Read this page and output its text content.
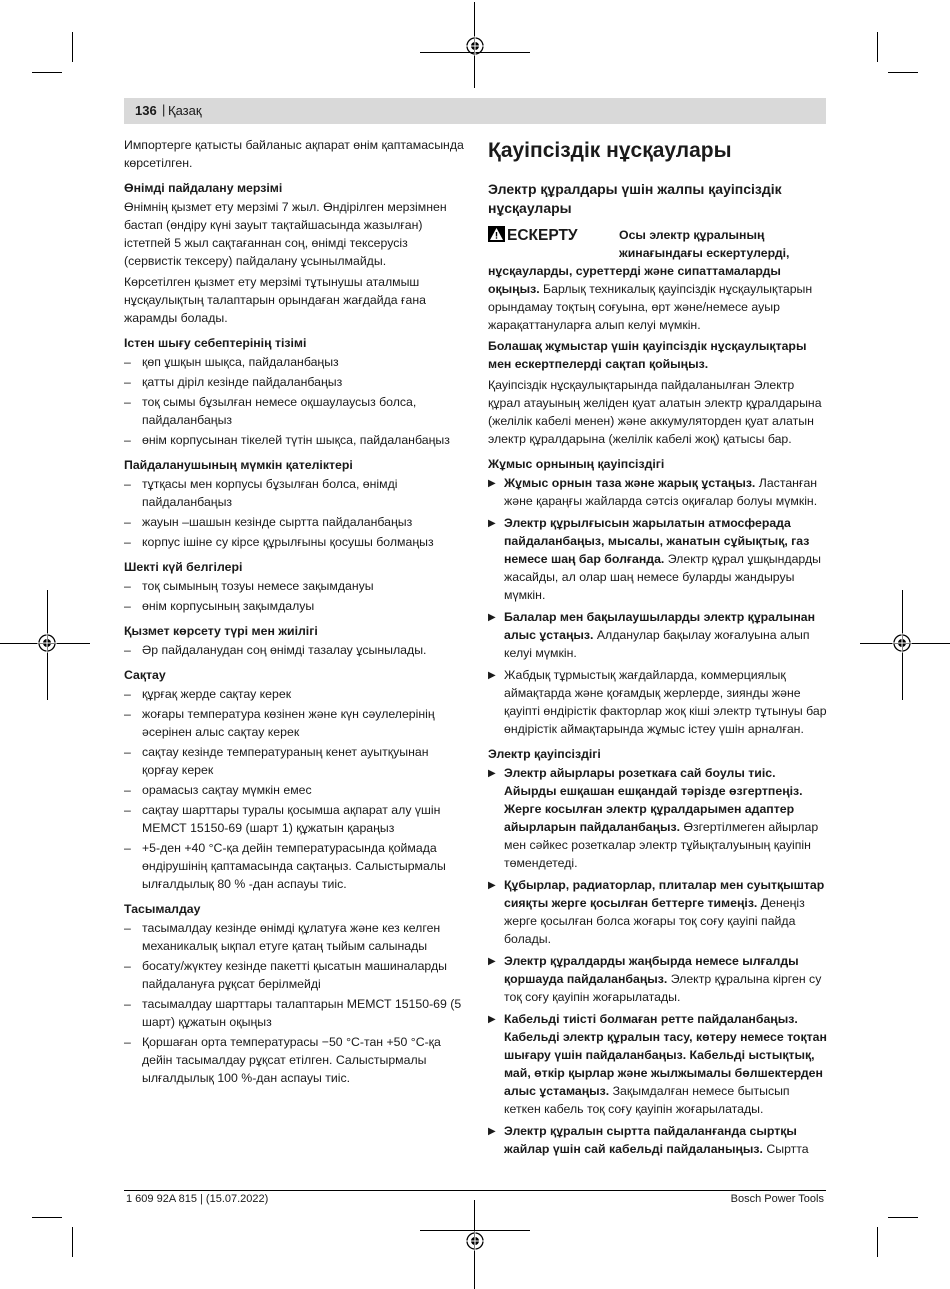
136 | Қазақ

Импортерге қатысты байланыс ақпарат өнім қаптамасында көрсетілген.

Өнімді пайдалану мерзімі

Өнімнің қызмет ету мерзімі 7 жыл. Өндірілген мерзімнен бастап (өндіру күні зауыт тақтайшасында жазылған) істетпей 5 жыл сақтағаннан соң, өнімді тексерусіз (сервистік тексеру) пайдалану ұсынылмайды.

Көрсетілген қызмет ету мерзімі тұтынушы аталмыш нұсқаулықтың талаптарын орындаған жағдайда ғана жарамды болады.

Істен шығу себептерінің тізімі

– қөп ұшқын шықса, пайдаланбаңыз
– қатты діріл кезінде пайдаланбаңыз
– тоқ сымы бұзылған немесе оқшаулаусыз болса, пайдаланбаңыз
– өнім корпусынан тікелей түтін шықса, пайдаланбаңыз

Пайдаланушының мүмкін қателіктері

– тұтқасы мен корпусы бұзылған болса, өнімді пайдаланбаңыз
– жауын –шашын кезінде сыртта пайдаланбаңыз
– корпус ішіне су кірсе құрылғыны қосушы болмаңыз

Шекті күй белгілері

– тоқ сымының тозуы немесе зақымдануы
– өнім корпусының зақымдалуы

Қызмет көрсету түрі мен жиілігі

– Әр пайдаланудан соң өнімді тазалау ұсынылады.

Сақтау

– құрғақ жерде сақтау керек
– жоғары температура көзінен және күн сәулелерінің әсерінен алыс сақтау керек
– сақтау кезінде температураның кенет ауытқуынан қорғау керек
– орамасыз сақтау мүмкін емес
– сақтау шарттары туралы қосымша ақпарат алу үшін МЕМСТ 15150-69 (шарт 1) құжатын қараңыз
– +5-ден +40 °C-қа дейін температурасында қоймада өндірушінің қаптамасында сақтаңыз. Салыстырмалы ылғалдылық 80 % -дан аспауы тиіс.

Тасымалдау

– тасымалдау кезінде өнімді құлатуға және кез келген механикалық ықпал етуге қатаң тыйым салынады
– босату/жүктеу кезінде пакетті қысатын машиналарды пайдалануға рұқсат берілмейді
– тасымалдау шарттары талаптарын МЕМСТ 15150-69 (5 шарт) құжатын оқыңыз
– Қоршаған орта температурасы −50 °C-тан +50 °C-қа дейін тасымалдау рұқсат етілген. Салыстырмалы ылғалдылық 100 %-дан аспауы тиіс.
Қауіпсіздік нұсқаулары
Электр құралдары үшін жалпы қауіпсіздік нұсқаулары
ЕСКЕРТУ	Осы электр құралының жинағындағы ескертулерді,

нұсқауларды, суреттерді және сипаттамаларды оқыңыз. Барлық техникалық қауіпсіздік нұсқаулықтарын орындамау тоқтың соғуына, өрт және/немесе ауыр жарақаттануларға алып келуі мүмкін.

Болашақ жұмыстар үшін қауіпсіздік нұсқаулықтары мен ескертпелерді сақтап қойыңыз.

Қауіпсіздік нұсқаулықтарында пайдаланылған Электр құрал атауының желіден қуат алатын электр құралдарына (желілік кабелі менен) және аккумуляторден қуат алатын электр құралдарына (желілік кабелі жоқ) қатысы бар.

Жұмыс орнының қауіпсіздігі

▶ Жұмыс орнын таза және жарық ұстаңыз. Ластанған және қараңғы жайларда сәтсіз оқиғалар болуы мүмкін.
▶ Электр құрылғысын жарылатын атмосферада пайдаланбаңыз, мысалы, жанатын сұйықтық, газ немесе шаң бар болғанда. Электр құрал ұшқындарды жасайды, ал олар шаң немесе буларды жандыруы мүмкін.
▶ Балалар мен бақылаушыларды электр құралынан алыс ұстаңыз. Алданулар бақылау жоғалуына алып келуі мүмкін.
▶ Жабдық тұрмыстық жағдайларда, коммерциялық аймақтарда және қоғамдық жерлерде, зиянды және қауіпті өндірістік факторлар жоқ кіші электр тұтынуы бар өндірістік аймақтарында жұмыс істеу үшін арналған.

Электр қауіпсіздігі

▶ Электр айырлары розеткаға сай боулы тиіс. Айырды ешқашан ешқандай тәрізде өзгертпеңіз. Жерге косылған электр құралдарымен адаптер айырларын пайдаланбаңыз. Өзгертілмеген айырлар мен сәйкес розеткалар электр тұйықталуының қауіпін төмендетеді.
▶ Құбырлар, радиаторлар, плиталар мен суытқыштар сияқты жерге қосылған беттерге тимеңіз. Денеңіз жерге қосылған болса жоғары тоқ соғу қауіпі пайда болады.
▶ Электр құралдарды жаңбырда немесе ылғалды қоршауда пайдаланбаңыз. Электр құралына кірген су тоқ соғу қауіпін жоғарылатады.
▶ Кабельді тиісті болмаған ретте пайдаланбаңыз. Кабельді электр құралын тасу, көтеру немесе тоқтан шығару үшін пайдаланбаңыз. Кабельді ыстықтық, май, өткір қырлар және жылжымалы бөлшектерден алыс ұстамаңыз. Зақымдалған немесе бытысып кеткен кабель тоқ соғу қауіпін жоғарылатады.
▶ Электр құралын сыртта пайдаланғанда сыртқы жайлар үшін сай кабельді пайдаланыңыз. Сыртта
1 609 92A 815 | (15.07.2022)	Bosch Power Tools
